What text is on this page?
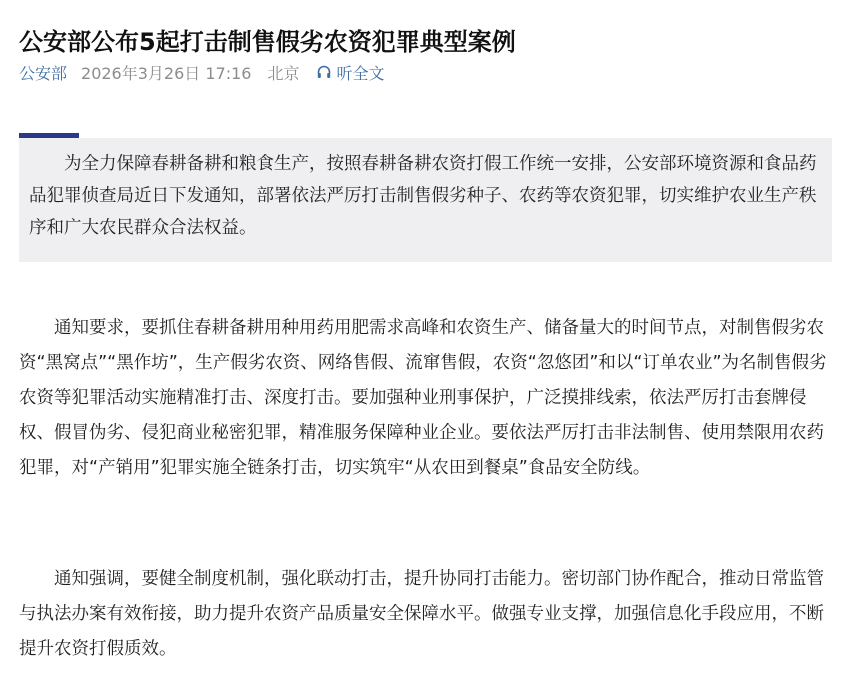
公安部公布5起打击制售假劣农资犯罪典型案例
公安部 2026年3月26日 17:16 北京 听全文

为全力保障春耕备耕和粮食生产，按照春耕备耕农资打假工作统一安排，公安部环境资源和食品药品犯罪侦查局近日下发通知，部署依法严厉打击制售假劣种子、农药等农资犯罪，切实维护农业生产秩序和广大农民群众合法权益。

通知要求，要抓住春耕备耕用种用药用肥需求高峰和农资生产、储备量大的时间节点，对制售假劣农资“黑窝点”“黑作坊”，生产假劣农资、网络售假、流窜售假，农资“忽悠团”和以“订单农业”为名制售假劣农资等犯罪活动实施精准打击、深度打击。要加强种业刑事保护，广泛摸排线索，依法严厉打击套牌侵权、假冒伪劣、侵犯商业秘密犯罪，精准服务保障种业企业。要依法严厉打击非法制售、使用禁限用农药犯罪，对“产销用”犯罪实施全链条打击，切实筑牢“从农田到餐桌”食品安全防线。

通知强调，要健全制度机制，强化联动打击，提升协同打击能力。密切部门协作配合，推动日常监管与执法办案有效衔接，助力提升农资产品质量安全保障水平。做强专业支撑，加强信息化手段应用，不断提升农资打假质效。
